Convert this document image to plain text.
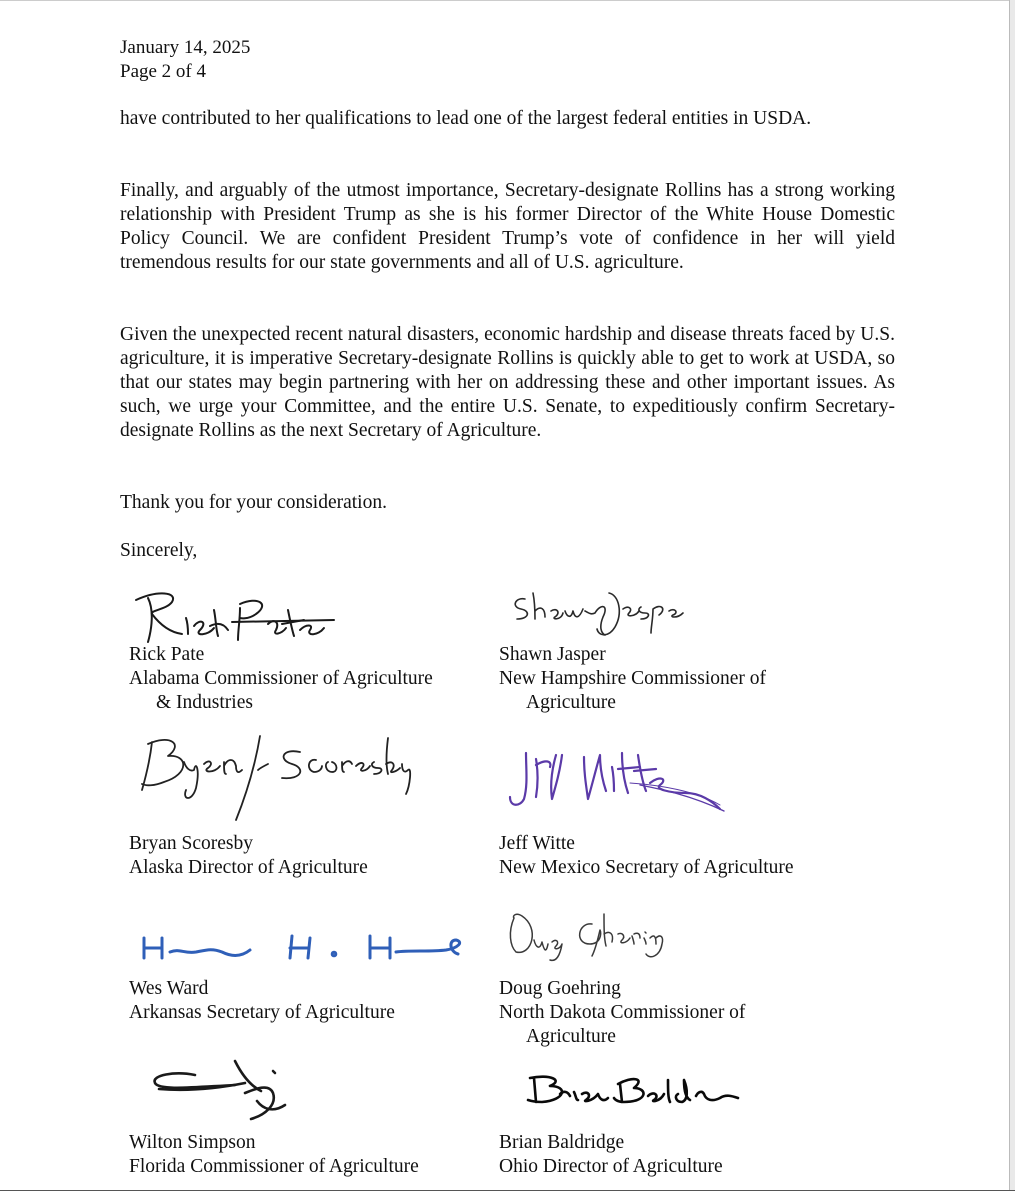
January 14, 2025
Page 2 of 4
have contributed to her qualifications to lead one of the largest federal entities in USDA.
Finally, and arguably of the utmost importance, Secretary-designate Rollins has a strong working relationship with President Trump as she is his former Director of the White House Domestic Policy Council. We are confident President Trump’s vote of confidence in her will yield tremendous results for our state governments and all of U.S. agriculture.
Given the unexpected recent natural disasters, economic hardship and disease threats faced by U.S. agriculture, it is imperative Secretary-designate Rollins is quickly able to get to work at USDA, so that our states may begin partnering with her on addressing these and other important issues. As such, we urge your Committee, and the entire U.S. Senate, to expeditiously confirm Secretary-designate Rollins as the next Secretary of Agriculture.
Thank you for your consideration.
Sincerely,
Rick Pate
Alabama Commissioner of Agriculture
& Industries
Shawn Jasper
New Hampshire Commissioner of
Agriculture
Bryan Scoresby
Alaska Director of Agriculture
Jeff Witte
New Mexico Secretary of Agriculture
Wes Ward
Arkansas Secretary of Agriculture
Doug Goehring
North Dakota Commissioner of
Agriculture
Wilton Simpson
Florida Commissioner of Agriculture
Brian Baldridge
Ohio Director of Agriculture
